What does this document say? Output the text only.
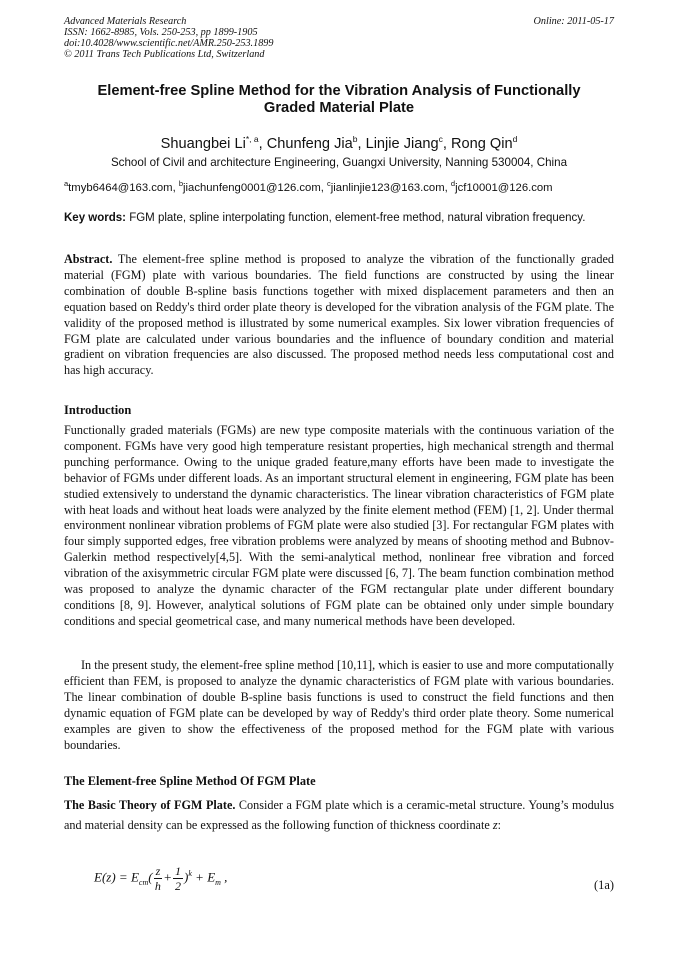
Advanced Materials Research
ISSN: 1662-8985, Vols. 250-253, pp 1899-1905
doi:10.4028/www.scientific.net/AMR.250-253.1899
© 2011 Trans Tech Publications Ltd, Switzerland
Online: 2011-05-17
Element-free Spline Method for the Vibration Analysis of Functionally
Graded Material Plate
Shuangbei $Li^{*, a}$, Chunfeng Jia$^b$, Linjie Jiang$^c$, Rong Qin$^d$
School of Civil and architecture Engineering, Guangxi University, Nanning 530004, China
$^a$tmyb6464@163.com, $^b$jiachunfeng0001@126.com, $^c$jianlinjie123@163.com, $^d$jcf10001@126.com
Key words: FGM plate, spline interpolating function, element-free method, natural vibration frequency.
Abstract. The element-free spline method is proposed to analyze the vibration of the functionally graded material (FGM) plate with various boundaries. The field functions are constructed by using the linear combination of double B-spline basis functions together with mixed displacement parameters and then an equation based on Reddy's third order plate theory is developed for the vibration analysis of the FGM plate. The validity of the proposed method is illustrated by some numerical examples. Six lower vibration frequencies of FGM plate are calculated under various boundaries and the influence of boundary condition and material gradient on vibration frequencies are also discussed. The proposed method needs less computational cost and has high accuracy.
Introduction
Functionally graded materials (FGMs) are new type composite materials with the continuous variation of the component. FGMs have very good high temperature resistant properties, high mechanical strength and thermal punching performance. Owing to the unique graded feature,many efforts have been made to investigate the behavior of FGMs under different loads. As an important structural element in engineering, FGM plate has been studied extensively to understand the dynamic characteristics. The linear vibration characteristics of FGM plate with heat loads and without heat loads were analyzed by the finite element method (FEM) [1, 2]. Under thermal environment nonlinear vibration problems of FGM plate were also studied [3]. For rectangular FGM plates with four simply supported edges, free vibration problems were analyzed by means of shooting method and Bubnov-Galerkin method respectively[4,5]. With the semi-analytical method, nonlinear free vibration and forced vibration of the axisymmetric circular FGM plate were discussed [6, 7]. The beam function combination method was proposed to analyze the dynamic character of the FGM rectangular plate under different boundary conditions [8, 9]. However, analytical solutions of FGM plate can be obtained only under simple boundary conditions and special geometrical case, and many numerical methods have been developed.
In the present study, the element-free spline method [10,11], which is easier to use and more computationally efficient than FEM, is proposed to analyze the dynamic characteristics of FGM plate with various boundaries. The linear combination of double B-spline basis functions is used to construct the field functions and then dynamic equation of FGM plate can be developed by way of Reddy's third order plate theory. Some numerical examples are given to show the effectiveness of the proposed method for the FGM plate with various boundaries.
The Element-free Spline Method Of FGM Plate
The Basic Theory of FGM Plate. Consider a FGM plate which is a ceramic-metal structure. Young’s modulus and material density can be expressed as the following function of thickness coordinate z:
$E(z) = E_{cm}( \frac{z}{h} + \frac{1}{2} )^k + E_m$ ,
(1a)
